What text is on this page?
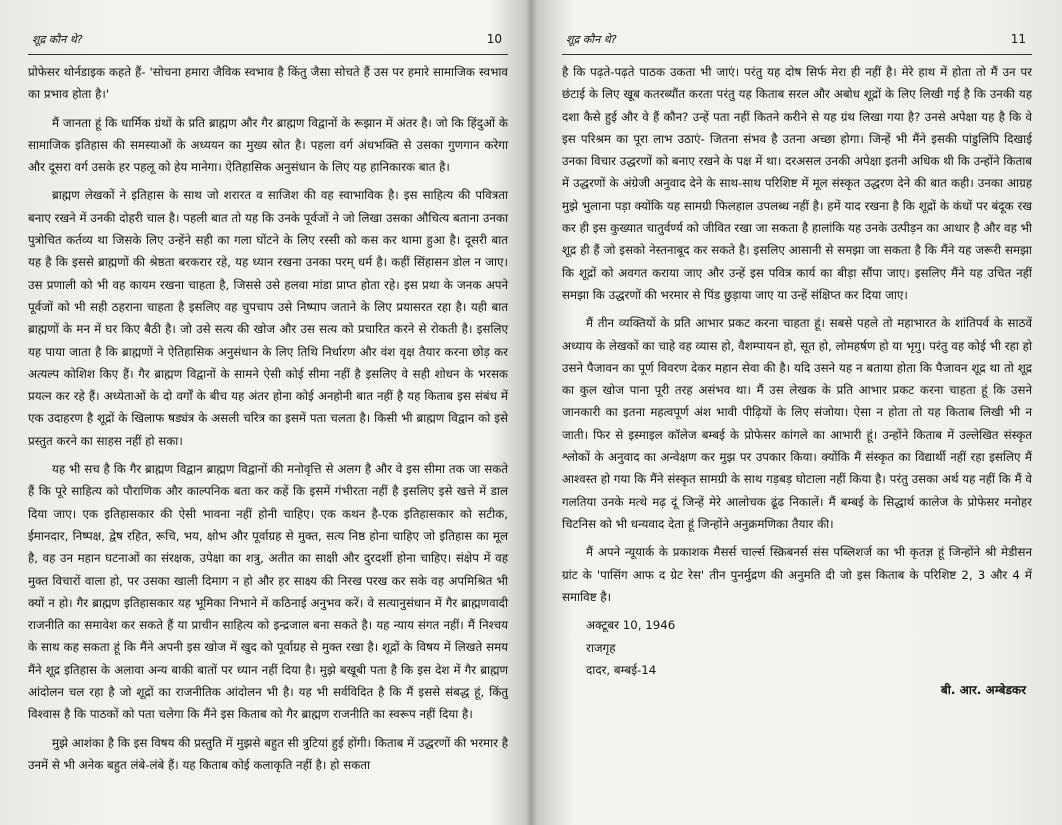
शूद्र कौन थे?	10

प्रोफेसर थोर्नडाइक कहते हैं- 'सोचना हमारा जैविक स्वभाव है किंतु जैसा सोचते हैं उस पर हमारे सामाजिक स्वभाव का प्रभाव होता है।'

मैं जानता हूं कि धार्मिक ग्रंथों के प्रति ब्राह्मण और गैर ब्राह्मण विद्वानों के रूझान में अंतर है। जो कि हिंदुओं के सामाजिक इतिहास की समस्याओं के अध्ययन का मुख्य स्रोत है। पहला वर्ग अंधभक्ति से उसका गुणगान करेगा और दूसरा वर्ग उसके हर पहलू को हेय मानेगा। ऐतिहासिक अनुसंधान के लिए यह हानिकारक बात है।

ब्राह्मण लेखकों ने इतिहास के साथ जो शरारत व साजिश की वह स्वाभाविक है। इस साहित्य की पवित्रता बनाए रखने में उनकी दोहरी चाल है। पहली बात तो यह कि उनके पूर्वजों ने जो लिखा उसका औचित्य बताना उनका पुत्रोचित कर्तव्य था जिसके लिए उन्हेंने सही का गला घोंटने के लिए रस्सी को कस कर थामा हुआ है। दूसरी बात यह है कि इससे ब्राह्मणों की श्रेष्ठता बरकरार रहे, यह ध्यान रखना उनका परम् धर्म है। कहीं सिंहासन डोल न जाए। उस प्रणाली को भी वह कायम रखना चाहता है, जिससे उसे हलवा मांडा प्राप्त होता रहे। इस प्रथा के जनक अपने पूर्वजों को भी सही ठहराना चाहता है इसलिए वह चुपचाप उसे निष्पाप जताने के लिए प्रयासरत रहा है। यही बात ब्राह्मणों के मन में घर किए बैठी है। जो उसे सत्य की खोज और उस सत्य को प्रचारित करने से रोकती है। इसलिए यह पाया जाता है कि ब्राह्मणों ने ऐतिहासिक अनुसंधान के लिए तिथि निर्धारण और वंश वृक्ष तैयार करना छोड़ कर अत्यल्प कोशिश किए हैं। गैर ब्राह्मण विद्वानों के सामने ऐसी कोई सीमा नहीं है इसलिए वे सही शोधन के भरसक प्रयत्न कर रहे हैं। अध्येताओं के दो वर्गों के बीच यह अंतर होना कोई अनहोनी बात नहीं है यह किताब इस संबंध में एक उदाहरण है शूद्रों के खिलाफ षड्यंत्र के असली चरित्र का इसमें पता चलता है। किसी भी ब्राह्मण विद्वान को इसे प्रस्तुत करने का साहस नहीं हो सका।

यह भी सच है कि गैर ब्राह्मण विद्वान ब्राह्मण विद्वानों की मनोवृत्ति से अलग है और वे इस सीमा तक जा सकते हैं कि पूरे साहित्य को पौराणिक और काल्पनिक बता कर कहें कि इसमें गंभीरता नहीं है इसलिए इसे खत्ते में डाल दिया जाए। एक इतिहासकार की ऐसी भावना नहीं होनी चाहिए। एक कथन है-एक इतिहासकार को सटीक, ईमानदार, निष्पक्ष, द्वेष रहित, रूचि, भय, क्षोभ और पूर्वाग्रह से मुक्त, सत्य निष्ठ होना चाहिए जो इतिहास का मूल है, वह उन महान घटनाओं का संरक्षक, उपेक्षा का शत्रु, अतीत का साक्षी और दुरदर्शी होना चाहिए। संक्षेप में वह मुक्त विचारों वाला हो, पर उसका खाली दिमाग न हो और हर साक्ष्य की निरख परख कर सके वह अपमिश्रित भी क्यों न हो। गैर ब्राह्मण इतिहासकार यह भूमिका निभाने में कठिनाई अनुभव करें। वे सत्यानुसंधान में गैर ब्राह्मणवादी राजनीति का समावेश कर सकते हैं या प्राचीन साहित्य को इन्द्रजाल बना सकते है। यह न्याय संगत नहीं। मैं निश्चय के साथ कह सकता हूं कि मैंने अपनी इस खोज में खुद को पूर्वाग्रह से मुक्त रखा है। शूद्रों के विषय में लिखते समय मैंने शूद्र इतिहास के अलावा अन्य बाकी बातों पर ध्यान नहीं दिया है। मुझे बखूबी पता है कि इस देश में गैर ब्राह्मण आंदोलन चल रहा है जो शूद्रों का राजनीतिक आंदोलन भी है। यह भी सर्वविदित है कि मैं इससे संबद्ध हूं, किंतु विश्वास है कि पाठकों को पता चलेगा कि मैंने इस किताब को गैर ब्राह्मण राजनीति का स्वरूप नहीं दिया है।

मुझे आशंका है कि इस विषय की प्रस्तुति में मुझसे बहुत सी त्रुटियां हुई होंगी। किताब में उद्धरणों की भरमार है उनमें से भी अनेक बहुत लंबे-लंबे हैं। यह किताब कोई कलाकृति नहीं है। हो सकता

शूद्र कौन थे?	11

है कि पढ़ते-पढ़ते पाठक उकता भी जाएं। परंतु यह दोष सिर्फ मेरा ही नहीं है। मेरे हाथ में होता तो मैं उन पर छंटाई के लिए खूब कतरब्यौंत करता परंतु यह किताब सरल और अबोध शूद्रों के लिए लिखी गई है कि उनकी यह दशा कैसे हुई और वे हैं कौन? उन्हें पता नहीं कितने करीने से यह ग्रंथ लिखा गया है? उनसे अपेक्षा यह है कि वे इस परिश्रम का पूरा लाभ उठाएं- जितना संभव है उतना अच्छा होगा। जिन्हें भी मैंने इसकी पांडुलिपि दिखाई उनका विचार उद्धरणों को बनाए रखने के पक्ष में था। दरअसल उनकी अपेक्षा इतनी अधिक थी कि उन्होंने किताब में उद्धरणों के अंग्रेजी अनुवाद देने के साथ-साथ परिशिष्ट में मूल संस्कृत उद्धरण देने की बात कही। उनका आग्रह मुझे भुलाना पड़ा क्योंकि यह सामग्री फिलहाल उपलब्ध नहीं है। हमें याद रखना है कि शूद्रों के कंधों पर बंदूक रख कर ही इस कुख्यात चातुर्वर्ण्य को जीवित रखा जा सकता है हालांकि यह उनके उत्पीड़न का आधार है और वह भी शूद्र ही हैं जो इसको नेस्तनाबूद कर सकते है। इसलिए आसानी से समझा जा सकता है कि मैंने यह जरूरी समझा कि शूद्रों को अवगत कराया जाए और उन्हें इस पवित्र कार्य का बीड़ा सौंपा जाए। इसलिए मैंने यह उचित नहीं समझा कि उद्धरणों की भरमार से पिंड छुड़ाया जाए या उन्हें संक्षिप्त कर दिया जाए।

मैं तीन व्यक्तियों के प्रति आभार प्रकट करना चाहता हूं। सबसे पहले तो महाभारत के शांतिपर्व के साठवें अध्याय के लेखकों का चाहे वह व्यास हो, वैशम्पायन हो, सूत हो, लोमहर्षण हो या भृगु। परंतु वह कोई भी रहा हो उसने पैजावन का पूर्ण विवरण देकर महान सेवा की है। यदि उसने यह न बताया होता कि पैजावन शूद्र था तो शूद्र का कुल खोज पाना पूरी तरह असंभव था। मैं उस लेखक के प्रति आभार प्रकट करना चाहता हूं कि उसने जानकारी का इतना महत्वपूर्ण अंश भावी पीढ़ियों के लिए संजोया। ऐसा न होता तो यह किताब लिखी भी न जाती। फिर से इस्माइल कॉलेज बम्बई के प्रोफेसर कांगले का आभारी हूं। उन्होंने किताब में उल्लेखित संस्कृत श्लोकों के अनुवाद का अन्वेक्षण कर मुझ पर उपकार किया। क्योंकि मैं संस्कृत का विद्यार्थी नहीं रहा इसलिए मैं आश्वस्त हो गया कि मैंने संस्कृत सामग्री के साथ गड़बड़ घोटाला नहीं किया है। परंतु उसका अर्थ यह नहीं कि मैं वे गलतिया उनके मत्थे मढ़ दूं जिन्हें मेरे आलोचक ढूंढ निकालें। मैं बम्बई के सिद्धार्थ कालेज के प्रोफेसर मनोहर चिटनिस को भी धन्यवाद देता हूं जिन्होंने अनुक्रमणिका तैयार की।

मैं अपने न्यूयार्क के प्रकाशक मैसर्स चार्ल्स स्क्रिबनर्स संस पब्लिशर्ज का भी कृतज्ञ हूं जिन्होंने श्री मेडीसन ग्रांट के 'पासिंग आफ द ग्रेट रेस' तीन पुनर्मुद्रण की अनुमति दी जो इस किताब के परिशिष्ट 2, 3 और 4 में समाविष्ट है।

अक्टूबर 10, 1946
राजगृह
दादर, बम्बई-14
बी. आर. अम्बेडकर
